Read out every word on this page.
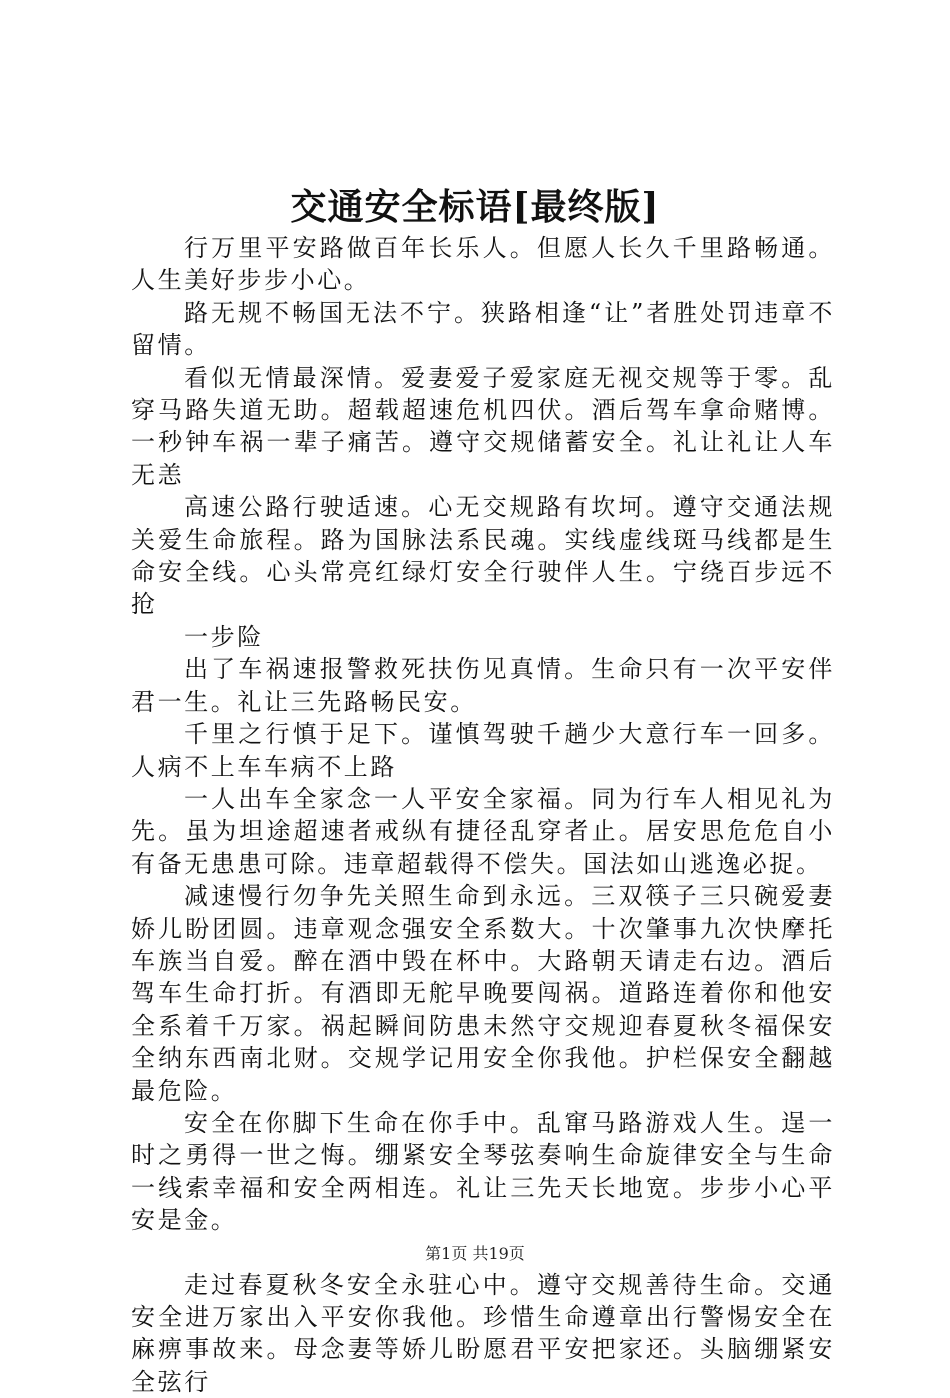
交通安全标语[最终版]

行万里平安路做百年长乐人。但愿人长久千里路畅通。人生美好步步小心。

路无规不畅国无法不宁。狭路相逢“让”者胜处罚违章不留情。

看似无情最深情。爱妻爱子爱家庭无视交规等于零。乱穿马路失道无助。超载超速危机四伏。酒后驾车拿命赌博。一秒钟车祸一辈子痛苦。遵守交规储蓄安全。礼让礼让人车无恙

高速公路行驶适速。心无交规路有坎坷。遵守交通法规关爱生命旅程。路为国脉法系民魂。实线虚线斑马线都是生命安全线。心头常亮红绿灯安全行驶伴人生。宁绕百步远不抢

一步险

出了车祸速报警救死扶伤见真情。生命只有一次平安伴君一生。礼让三先路畅民安。

千里之行慎于足下。谨慎驾驶千趟少大意行车一回多。人病不上车车病不上路

一人出车全家念一人平安全家福。同为行车人相见礼为先。虽为坦途超速者戒纵有捷径乱穿者止。居安思危危自小有备无患患可除。违章超载得不偿失。国法如山逃逸必捉。

减速慢行勿争先关照生命到永远。三双筷子三只碗爱妻娇儿盼团圆。违章观念强安全系数大。十次肇事九次快摩托车族当自爱。醉在酒中毁在杯中。大路朝天请走右边。酒后驾车生命打折。有酒即无舵早晚要闯祸。道路连着你和他安全系着千万家。祸起瞬间防患未然守交规迎春夏秋冬福保安全纳东西南北财。交规学记用安全你我他。护栏保安全翻越最危险。

安全在你脚下生命在你手中。乱窜马路游戏人生。逞一时之勇得一世之悔。绷紧安全琴弦奏响生命旋律安全与生命一线索幸福和安全两相连。礼让三先天长地宽。步步小心平安是金。

走过春夏秋冬安全永驻心中。遵守交规善待生命。交通安全进万家出入平安你我他。珍惜生命遵章出行警惕安全在麻痹事故来。母念妻等娇儿盼愿君平安把家还。头脑绷紧安全弦行

第1页 共19页
